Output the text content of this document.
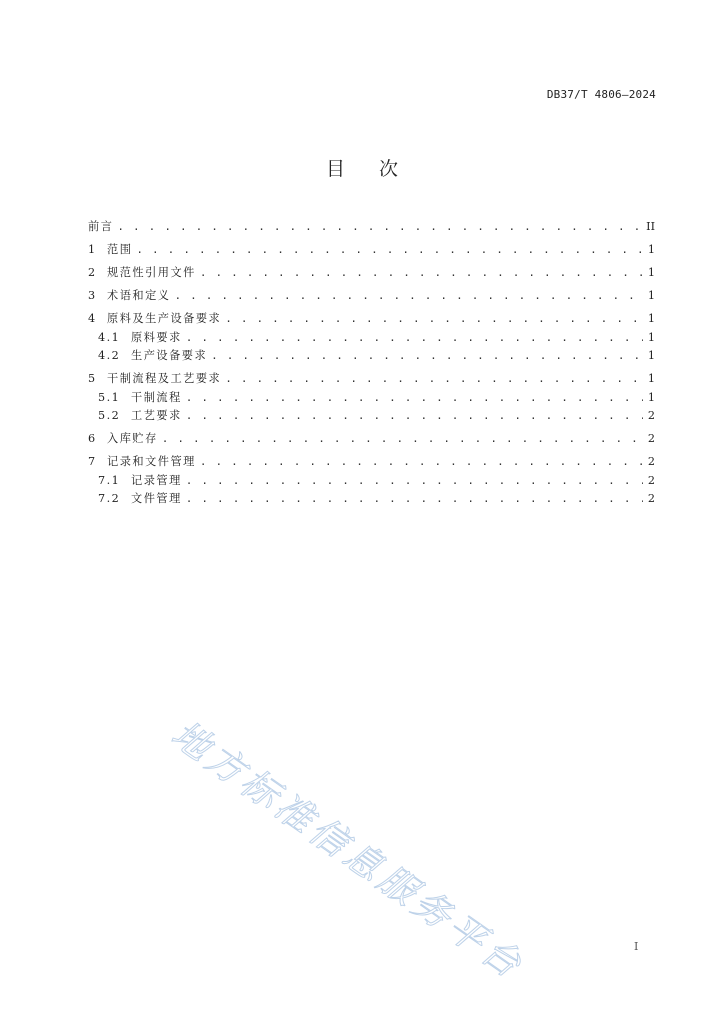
DB37/T 4806—2024
目次
前言 . . .	II
1	范围 . . .	1
2	规范性引用文件 . . .	1
3	术语和定义 . . .	1
4	原料及生产设备要求 . . .	1
4.1 原料要求 . . .	1
4.2 生产设备要求 . . .	1
5	干制流程及工艺要求 . . .	1
5.1 干制流程 . . .	1
5.2 工艺要求 . . .	2
6	入库贮存 . . .	2
7	记录和文件管理 . . .	2
7.1 记录管理 . . .	2
7.2 文件管理 . . .	2
地方标准信息服务平台	I
